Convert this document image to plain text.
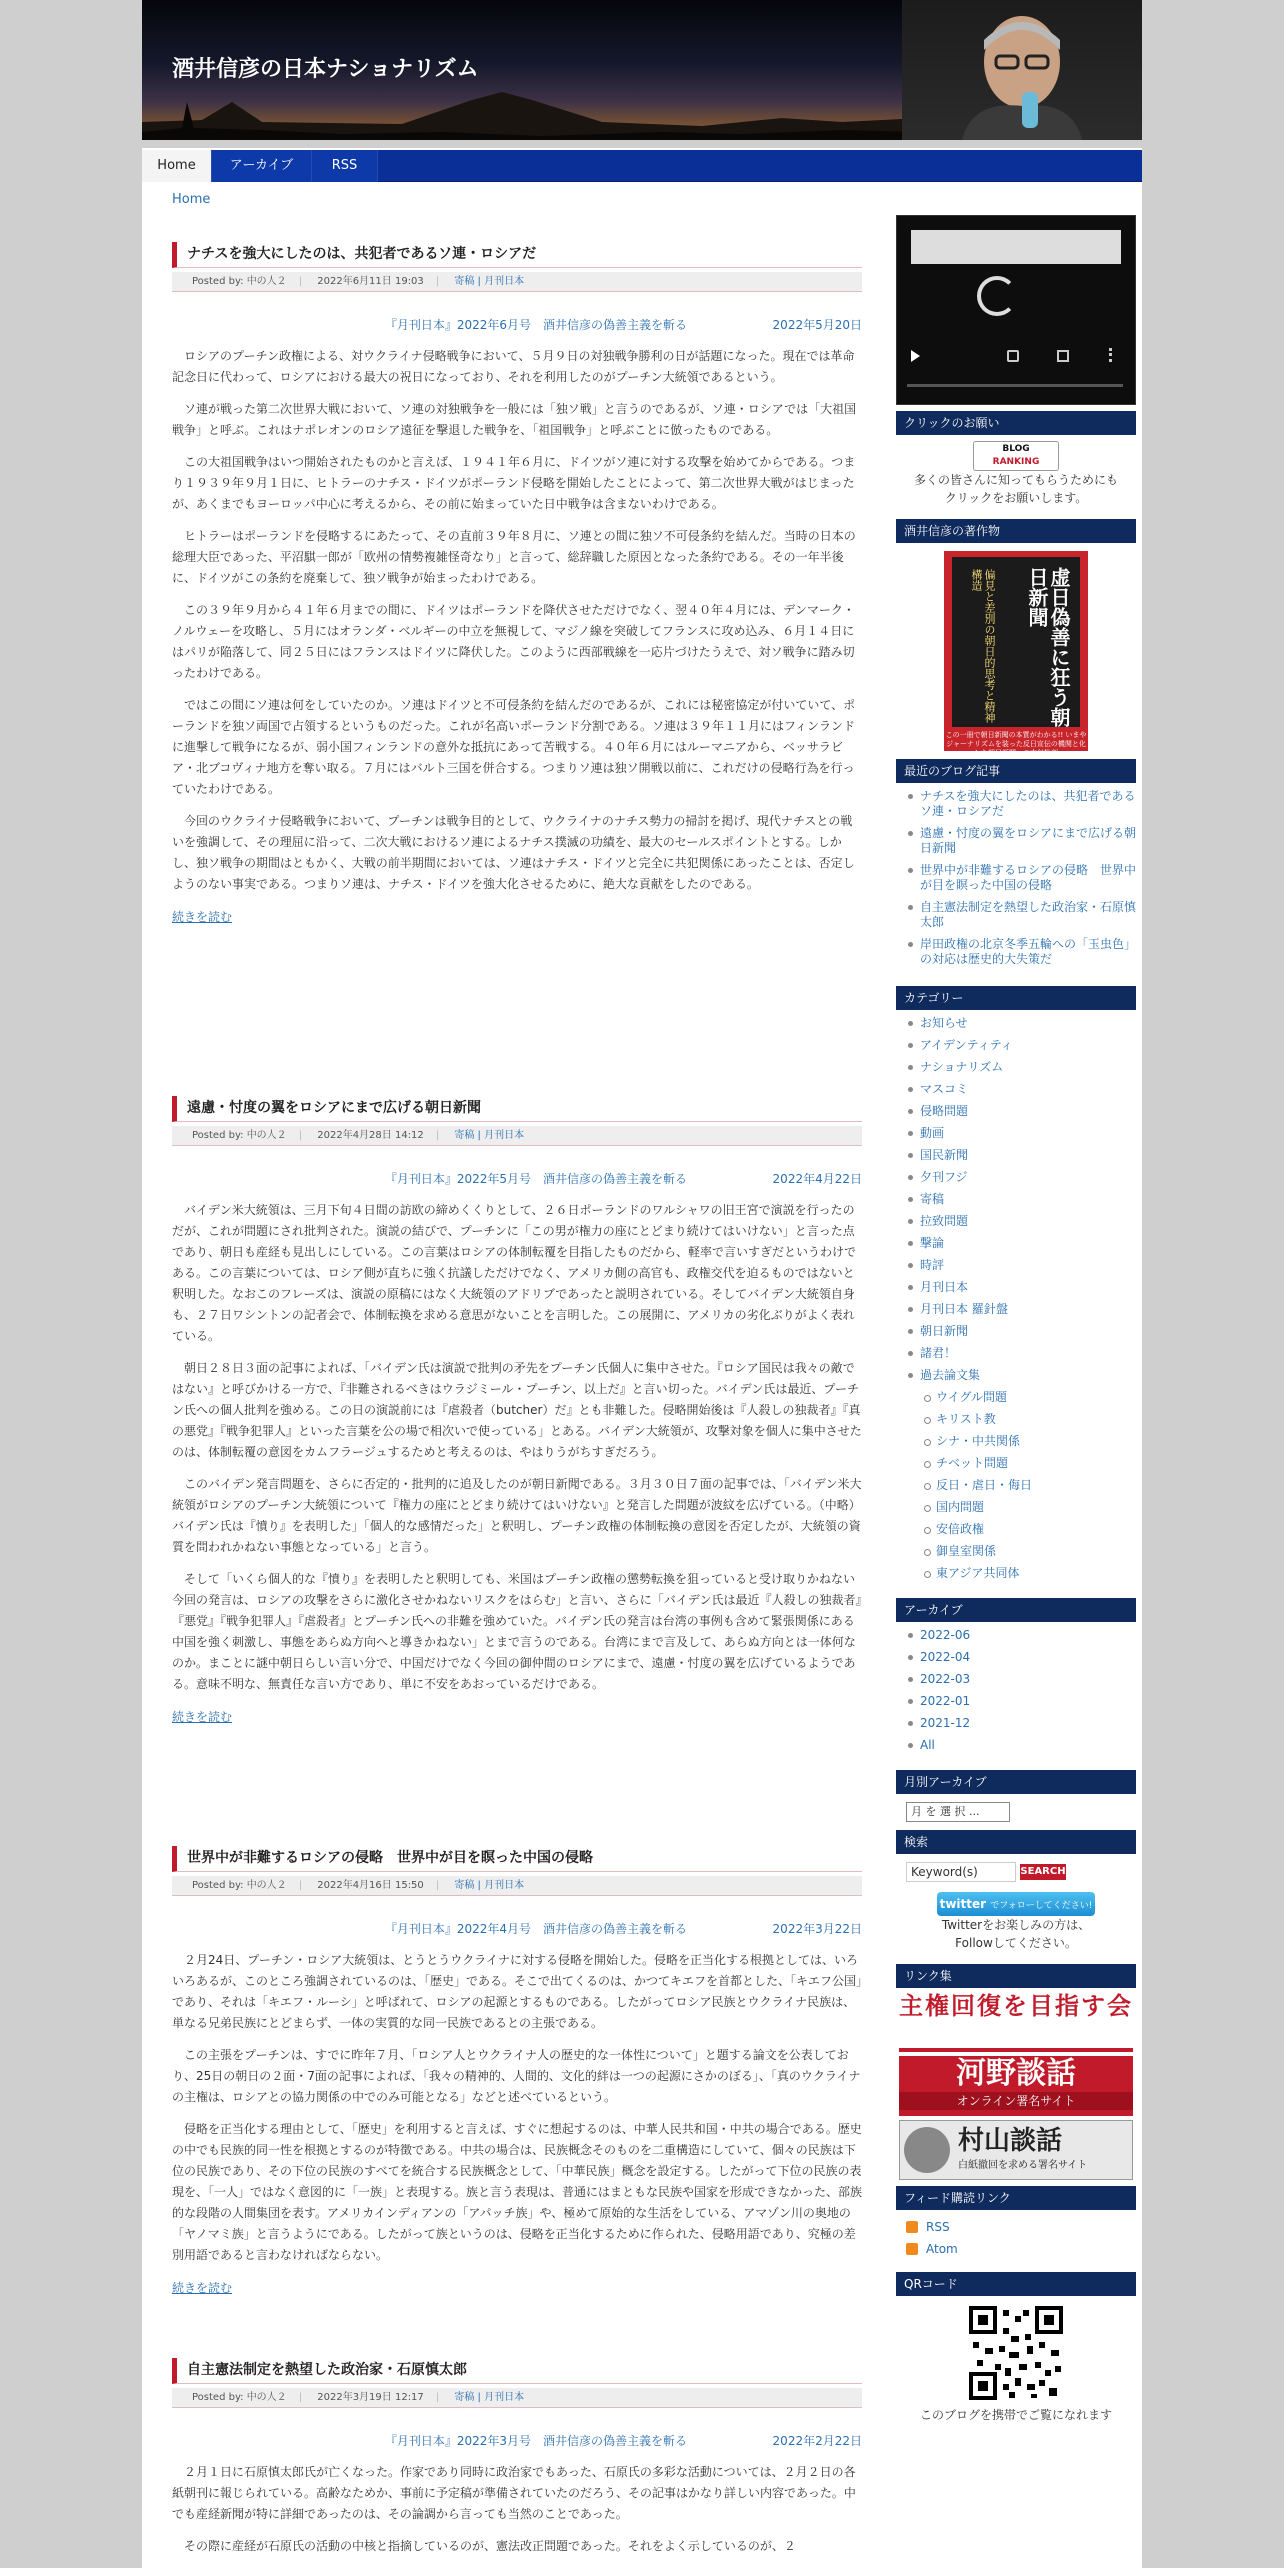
酒井信彦の日本ナショナリズム
Home	アーカイブ	RSS
Home
ナチスを強大にしたのは、共犯者であるソ連・ロシアだ
Posted by: 中の人２ | 2022年6月11日 19:03 | 寄稿 | 月刊日本
『月刊日本』2022年6月号　酒井信彦の偽善主義を斬る	2022年5月20日

ロシアのプーチン政権による、対ウクライナ侵略戦争において、５月９日の対独戦争勝利の日が話題になった。現在では革命記念日に代わって、ロシアにおける最大の祝日になっており、それを利用したのがプーチン大統領であるという。

ソ連が戦った第二次世界大戦において、ソ連の対独戦争を一般には「独ソ戦」と言うのであるが、ソ連・ロシアでは「大祖国戦争」と呼ぶ。これはナポレオンのロシア遠征を撃退した戦争を、「祖国戦争」と呼ぶことに倣ったものである。

この大祖国戦争はいつ開始されたものかと言えば、１９４１年６月に、ドイツがソ連に対する攻撃を始めてからである。つまり１９３９年９月１日に、ヒトラーのナチス・ドイツがポーランド侵略を開始したことによって、第二次世界大戦がはじまったが、あくまでもヨーロッパ中心に考えるから、その前に始まっていた日中戦争は含まないわけである。

ヒトラーはポーランドを侵略するにあたって、その直前３９年８月に、ソ連との間に独ソ不可侵条約を結んだ。当時の日本の総理大臣であった、平沼騏一郎が「欧州の情勢複雑怪奇なり」と言って、総辞職した原因となった条約である。その一年半後に、ドイツがこの条約を廃棄して、独ソ戦争が始まったわけである。

この３９年９月から４１年６月までの間に、ドイツはポーランドを降伏させただけでなく、翌４０年４月には、デンマーク・ノルウェーを攻略し、５月にはオランダ・ベルギーの中立を無視して、マジノ線を突破してフランスに攻め込み、６月１４日にはパリが陥落して、同２５日にはフランスはドイツに降伏した。このように西部戦線を一応片づけたうえで、対ソ戦争に踏み切ったわけである。

ではこの間にソ連は何をしていたのか。ソ連はドイツと不可侵条約を結んだのであるが、これには秘密協定が付いていて、ポーランドを独ソ両国で占領するというものだった。これが名高いポーランド分割である。ソ連は３９年１１月にはフィンランドに進撃して戦争になるが、弱小国フィンランドの意外な抵抗にあって苦戦する。４０年６月にはルーマニアから、ベッサラビア・北ブコヴィナ地方を奪い取る。７月にはバルト三国を併合する。つまりソ連は独ソ開戦以前に、これだけの侵略行為を行っていたわけである。

今回のウクライナ侵略戦争において、プーチンは戦争目的として、ウクライナのナチス勢力の掃討を掲げ、現代ナチスとの戦いを強調して、その理屈に沿って、二次大戦におけるソ連によるナチス撲滅の功績を、最大のセールスポイントとする。しかし、独ソ戦争の期間はともかく、大戦の前半期間においては、ソ連はナチス・ドイツと完全に共犯関係にあったことは、否定しようのない事実である。つまりソ連は、ナチス・ドイツを強大化させるために、絶大な貢献をしたのである。

続きを読む
遠慮・忖度の翼をロシアにまで広げる朝日新聞
Posted by: 中の人２ | 2022年4月28日 14:12 | 寄稿 | 月刊日本
『月刊日本』2022年5月号　酒井信彦の偽善主義を斬る	2022年4月22日

バイデン米大統領は、三月下旬４日間の訪欧の締めくくりとして、２６日ポーランドのワルシャワの旧王宮で演説を行ったのだが、これが問題にされ批判された。演説の結びで、プーチンに「この男が権力の座にとどまり続けてはいけない」と言った点であり、朝日も産経も見出しにしている。この言葉はロシアの体制転覆を目指したものだから、軽率で言いすぎだというわけである。この言葉については、ロシア側が直ちに強く抗議しただけでなく、アメリカ側の高官も、政権交代を迫るものではないと釈明した。なおこのフレーズは、演説の原稿にはなく大統領のアドリブであったと説明されている。そしてバイデン大統領自身も、２７日ワシントンの記者会で、体制転換を求める意思がないことを言明した。この展開に、アメリカの劣化ぶりがよく表れている。

朝日２８日３面の記事によれば、「バイデン氏は演説で批判の矛先をプーチン氏個人に集中させた。『ロシア国民は我々の敵ではない』と呼びかける一方で、『非難されるべきはウラジミール・プーチン、以上だ』と言い切った。バイデン氏は最近、プーチン氏への個人批判を強める。この日の演説前には『虐殺者（butcher）だ』とも非難した。侵略開始後は『人殺しの独裁者』『真の悪党』『戦争犯罪人』といった言葉を公の場で相次いで使っている」とある。バイデン大統領が、攻撃対象を個人に集中させたのは、体制転覆の意図をカムフラージュするためと考えるのは、やはりうがちすぎだろう。

このバイデン発言問題を、さらに否定的・批判的に追及したのが朝日新聞である。３月３０日７面の記事では、「バイデン米大統領がロシアのプーチン大統領について『権力の座にとどまり続けてはいけない』と発言した問題が波紋を広げている。（中略）バイデン氏は『憤り』を表明した」「個人的な感情だった」と釈明し、プーチン政権の体制転換の意図を否定したが、大統領の資質を問われかねない事態となっている」と言う。

そして「いくら個人的な『憤り』を表明したと釈明しても、米国はプーチン政権の懲勢転換を狙っていると受け取りかねない今回の発言は、ロシアの攻撃をさらに激化させかねないリスクをはらむ」と言い、さらに「バイデン氏は最近『人殺しの独裁者』『悪党』『戦争犯罪人』『虐殺者』とプーチン氏への非難を強めていた。バイデン氏の発言は台湾の事例も含めて緊張関係にある中国を強く刺激し、事態をあらぬ方向へと導きかねない」とまで言うのである。台湾にまで言及して、あらぬ方向とは一体何なのか。まことに謎中朝日らしい言い分で、中国だけでなく今回の御仲間のロシアにまで、遠慮・忖度の翼を広げているようである。意味不明な、無責任な言い方であり、単に不安をあおっているだけである。

続きを読む
世界中が非難するロシアの侵略　世界中が目を瞑った中国の侵略
Posted by: 中の人２ | 2022年4月16日 15:50 | 寄稿 | 月刊日本
『月刊日本』2022年4月号　酒井信彦の偽善主義を斬る	2022年3月22日

２月24日、プーチン・ロシア大統領は、とうとうウクライナに対する侵略を開始した。侵略を正当化する根拠としては、いろいろあるが、このところ強調されているのは、「歴史」である。そこで出てくるのは、かつてキエフを首都とした、「キエフ公国」であり、それは「キエフ・ルーシ」と呼ばれて、ロシアの起源とするものである。したがってロシア民族とウクライナ民族は、単なる兄弟民族にとどまらず、一体の実質的な同一民族であるとの主張である。

この主張をプーチンは、すでに昨年７月、「ロシア人とウクライナ人の歴史的な一体性について」と題する論文を公表しており、25日の朝日の２面・7面の記事によれば、「我々の精神的、人間的、文化的絆は一つの起源にさかのぼる」、「真のウクライナの主権は、ロシアとの協力関係の中でのみ可能となる」などと述べているという。

侵略を正当化する理由として、「歴史」を利用すると言えば、すぐに想起するのは、中華人民共和国・中共の場合である。歴史の中でも民族的同一性を根拠とするのが特徴である。中共の場合は、民族概念そのものを二重構造にしていて、個々の民族は下位の民族であり、その下位の民族のすべてを統合する民族概念として、「中華民族」概念を設定する。したがって下位の民族の表現を、「一人」ではなく意図的に「一族」と表現する。族と言う表現は、普通にはまともな民族や国家を形成できなかった、部族的な段階の人間集団を表す。アメリカインディアンの「アパッチ族」や、極めて原始的な生活をしている、アマゾン川の奥地の「ヤノマミ族」と言うようにである。したがって族というのは、侵略を正当化するために作られた、侵略用語であり、究極の差別用語であると言わなければならない。

続きを読む
自主憲法制定を熱望した政治家・石原慎太郎
Posted by: 中の人２ | 2022年3月19日 12:17 | 寄稿 | 月刊日本
『月刊日本』2022年3月号　酒井信彦の偽善主義を斬る	2022年2月22日

２月１日に石原慎太郎氏が亡くなった。作家であり同時に政治家でもあった、石原氏の多彩な活動については、２月２日の各紙朝刊に報じられている。高齢なためか、事前に予定稿が準備されていたのだろう、その記事はかなり詳しい内容であった。中でも産経新聞が特に詳細であったのは、その論調から言っても当然のことであった。

その際に産経が石原氏の活動の中核と指摘しているのが、憲法改正問題であった。それをよく示しているのが、２

クリックのお願い
BLOG
RANKING
多くの皆さんに知ってもらうためにも
クリックをお願いします。
酒井信彦の著作物
虚日偽善に狂う朝日新聞
偏見と差別の朝日的思考と精神構造
この一冊で朝日新聞の本質がわかる!! いまやジャーナリズムを装った反日宣伝の機関と化した朝日新聞への本気批判
最近のブログ記事
ナチスを強大にしたのは、共犯者であるソ連・ロシアだ
遠慮・忖度の翼をロシアにまで広げる朝日新聞
世界中が非難するロシアの侵略　世界中が目を瞑った中国の侵略
自主憲法制定を熱望した政治家・石原慎太郎
岸田政権の北京冬季五輪への「玉虫色」の対応は歴史的大失策だ
カテゴリー
お知らせ
アイデンティティ
ナショナリズム
マスコミ
侵略問題
動画
国民新聞
夕刊フジ
寄稿
拉致問題
撃論
時評
月刊日本
月刊日本 羅針盤
朝日新聞
諸君！
過去論文集
ウイグル問題
キリスト教
シナ・中共関係
チベット問題
反日・虐日・侮日
国内問題
安倍政権
御皇室関係
東アジア共同体
アーカイブ
2022-06
2022-04
2022-03
2022-01
2021-12
All
月別アーカイブ
月 を 選 択 ...
検索
Keyword(s)	SEARCH
twitter でフォローしてください!
Twitterをお楽しみの方は、
Followしてください。
リンク集
主権回復を目指す会
河野談話
オンライン署名サイト
村山談話
白紙撤回を求める署名サイト
フィード購読リンク
RSS
Atom
QRコード
このブログを携帯でご覧になれます
